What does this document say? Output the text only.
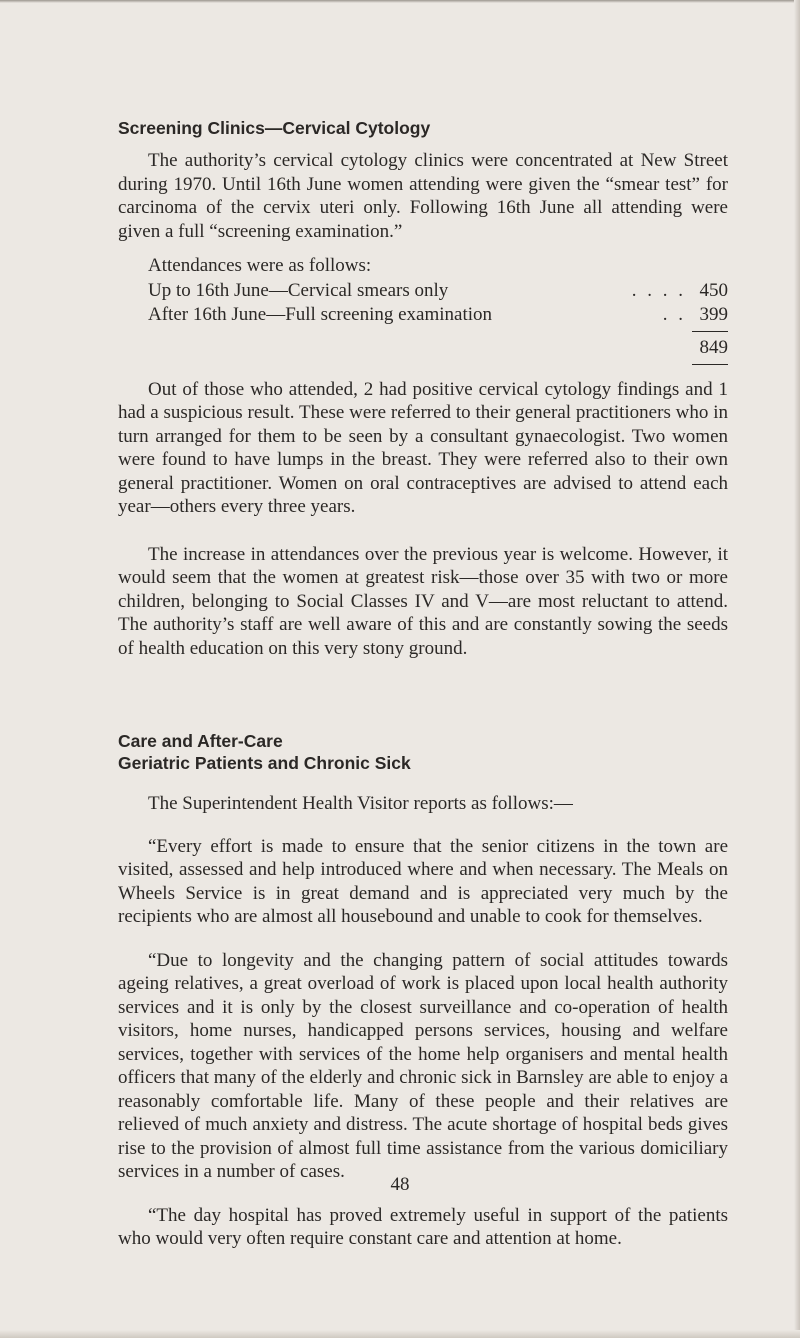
Screening Clinics—Cervical Cytology

The authority’s cervical cytology clinics were concentrated at New Street during 1970. Until 16th June women attending were given the “smear test” for carcinoma of the cervix uteri only. Following 16th June all attending were given a full “screening examination.”

Attendances were as follows:

Up to 16th June—Cervical smears only	. . . . 450
After 16th June—Full screening examination	. . 399
849

Out of those who attended, 2 had positive cervical cytology findings and 1 had a suspicious result. These were referred to their general practitioners who in turn arranged for them to be seen by a consultant gynaecologist. Two women were found to have lumps in the breast. They were referred also to their own general practitioner. Women on oral contraceptives are advised to attend each year—others every three years.

The increase in attendances over the previous year is welcome. However, it would seem that the women at greatest risk—those over 35 with two or more children, belonging to Social Classes IV and V—are most reluctant to attend. The authority’s staff are well aware of this and are constantly sowing the seeds of health education on this very stony ground.

Care and After-Care
Geriatric Patients and Chronic Sick

The Superintendent Health Visitor reports as follows:—

“Every effort is made to ensure that the senior citizens in the town are visited, assessed and help introduced where and when necessary. The Meals on Wheels Service is in great demand and is appreciated very much by the recipients who are almost all housebound and unable to cook for themselves.

“Due to longevity and the changing pattern of social attitudes towards ageing relatives, a great overload of work is placed upon local health authority services and it is only by the closest surveillance and co-operation of health visitors, home nurses, handicapped persons services, housing and welfare services, together with services of the home help organisers and mental health officers that many of the elderly and chronic sick in Barnsley are able to enjoy a reasonably comfortable life. Many of these people and their relatives are relieved of much anxiety and distress. The acute shortage of hospital beds gives rise to the provision of almost full time assistance from the various domiciliary services in a number of cases.

“The day hospital has proved extremely useful in support of the patients who would very often require constant care and attention at home.

48
